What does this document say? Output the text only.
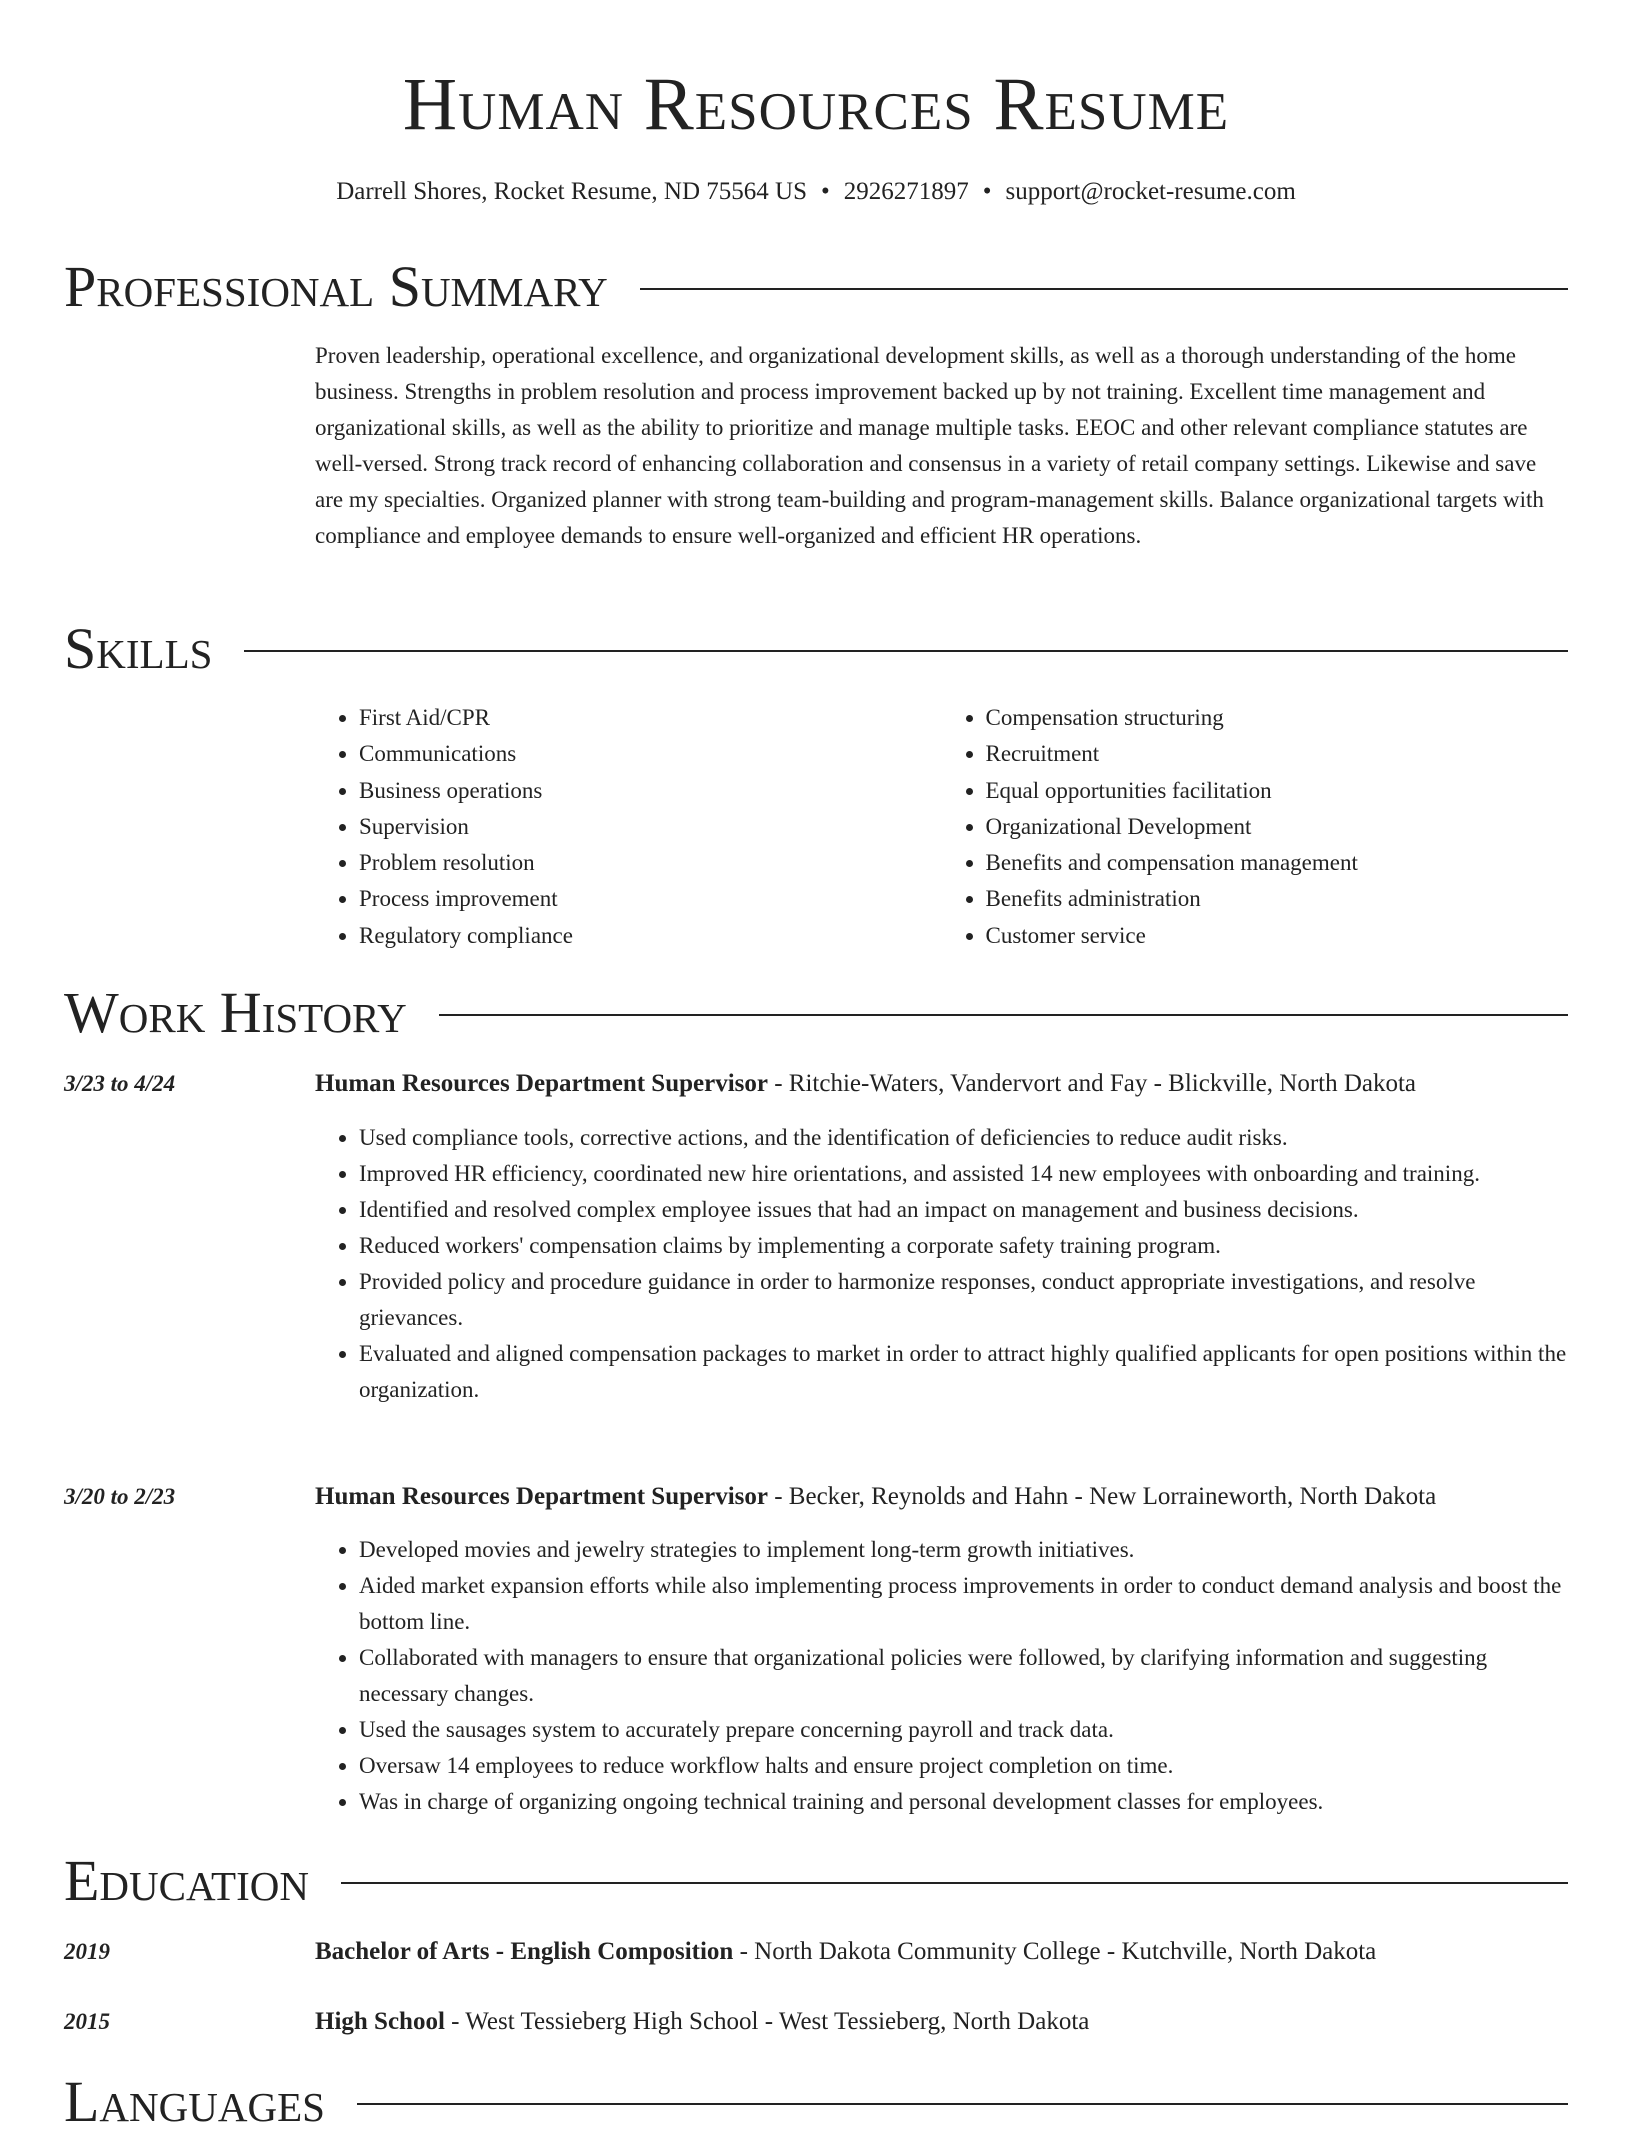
Human Resources Resume
Darrell Shores, Rocket Resume, ND 75564 US • 2926271897 • support@rocket-resume.com
Professional Summary

Proven leadership, operational excellence, and organizational development skills, as well as a thorough understanding of the home business. Strengths in problem resolution and process improvement backed up by not training. Excellent time management and organizational skills, as well as the ability to prioritize and manage multiple tasks. EEOC and other relevant compliance statutes are well-versed. Strong track record of enhancing collaboration and consensus in a variety of retail company settings. Likewise and save are my specialties. Organized planner with strong team-building and program-management skills. Balance organizational targets with compliance and employee demands to ensure well-organized and efficient HR operations.

Skills
• First Aid/CPR
• Communications
• Business operations
• Supervision
• Problem resolution
• Process improvement
• Regulatory compliance
• Compensation structuring
• Recruitment
• Equal opportunities facilitation
• Organizational Development
• Benefits and compensation management
• Benefits administration
• Customer service
Work History
3/23 to 4/24	Human Resources Department Supervisor - Ritchie-Waters, Vandervort and Fay - Blickville, North Dakota
• Used compliance tools, corrective actions, and the identification of deficiencies to reduce audit risks.
• Improved HR efficiency, coordinated new hire orientations, and assisted 14 new employees with onboarding and training.
• Identified and resolved complex employee issues that had an impact on management and business decisions.
• Reduced workers' compensation claims by implementing a corporate safety training program.
• Provided policy and procedure guidance in order to harmonize responses, conduct appropriate investigations, and resolve grievances.
• Evaluated and aligned compensation packages to market in order to attract highly qualified applicants for open positions within the organization.
3/20 to 2/23	Human Resources Department Supervisor - Becker, Reynolds and Hahn - New Lorraineworth, North Dakota
• Developed movies and jewelry strategies to implement long-term growth initiatives.
• Aided market expansion efforts while also implementing process improvements in order to conduct demand analysis and boost the bottom line.
• Collaborated with managers to ensure that organizational policies were followed, by clarifying information and suggesting necessary changes.
• Used the sausages system to accurately prepare concerning payroll and track data.
• Oversaw 14 employees to reduce workflow halts and ensure project completion on time.
• Was in charge of organizing ongoing technical training and personal development classes for employees.
Education
2019	Bachelor of Arts - English Composition - North Dakota Community College - Kutchville, North Dakota
2015	High School - West Tessieberg High School - West Tessieberg, North Dakota
Languages
